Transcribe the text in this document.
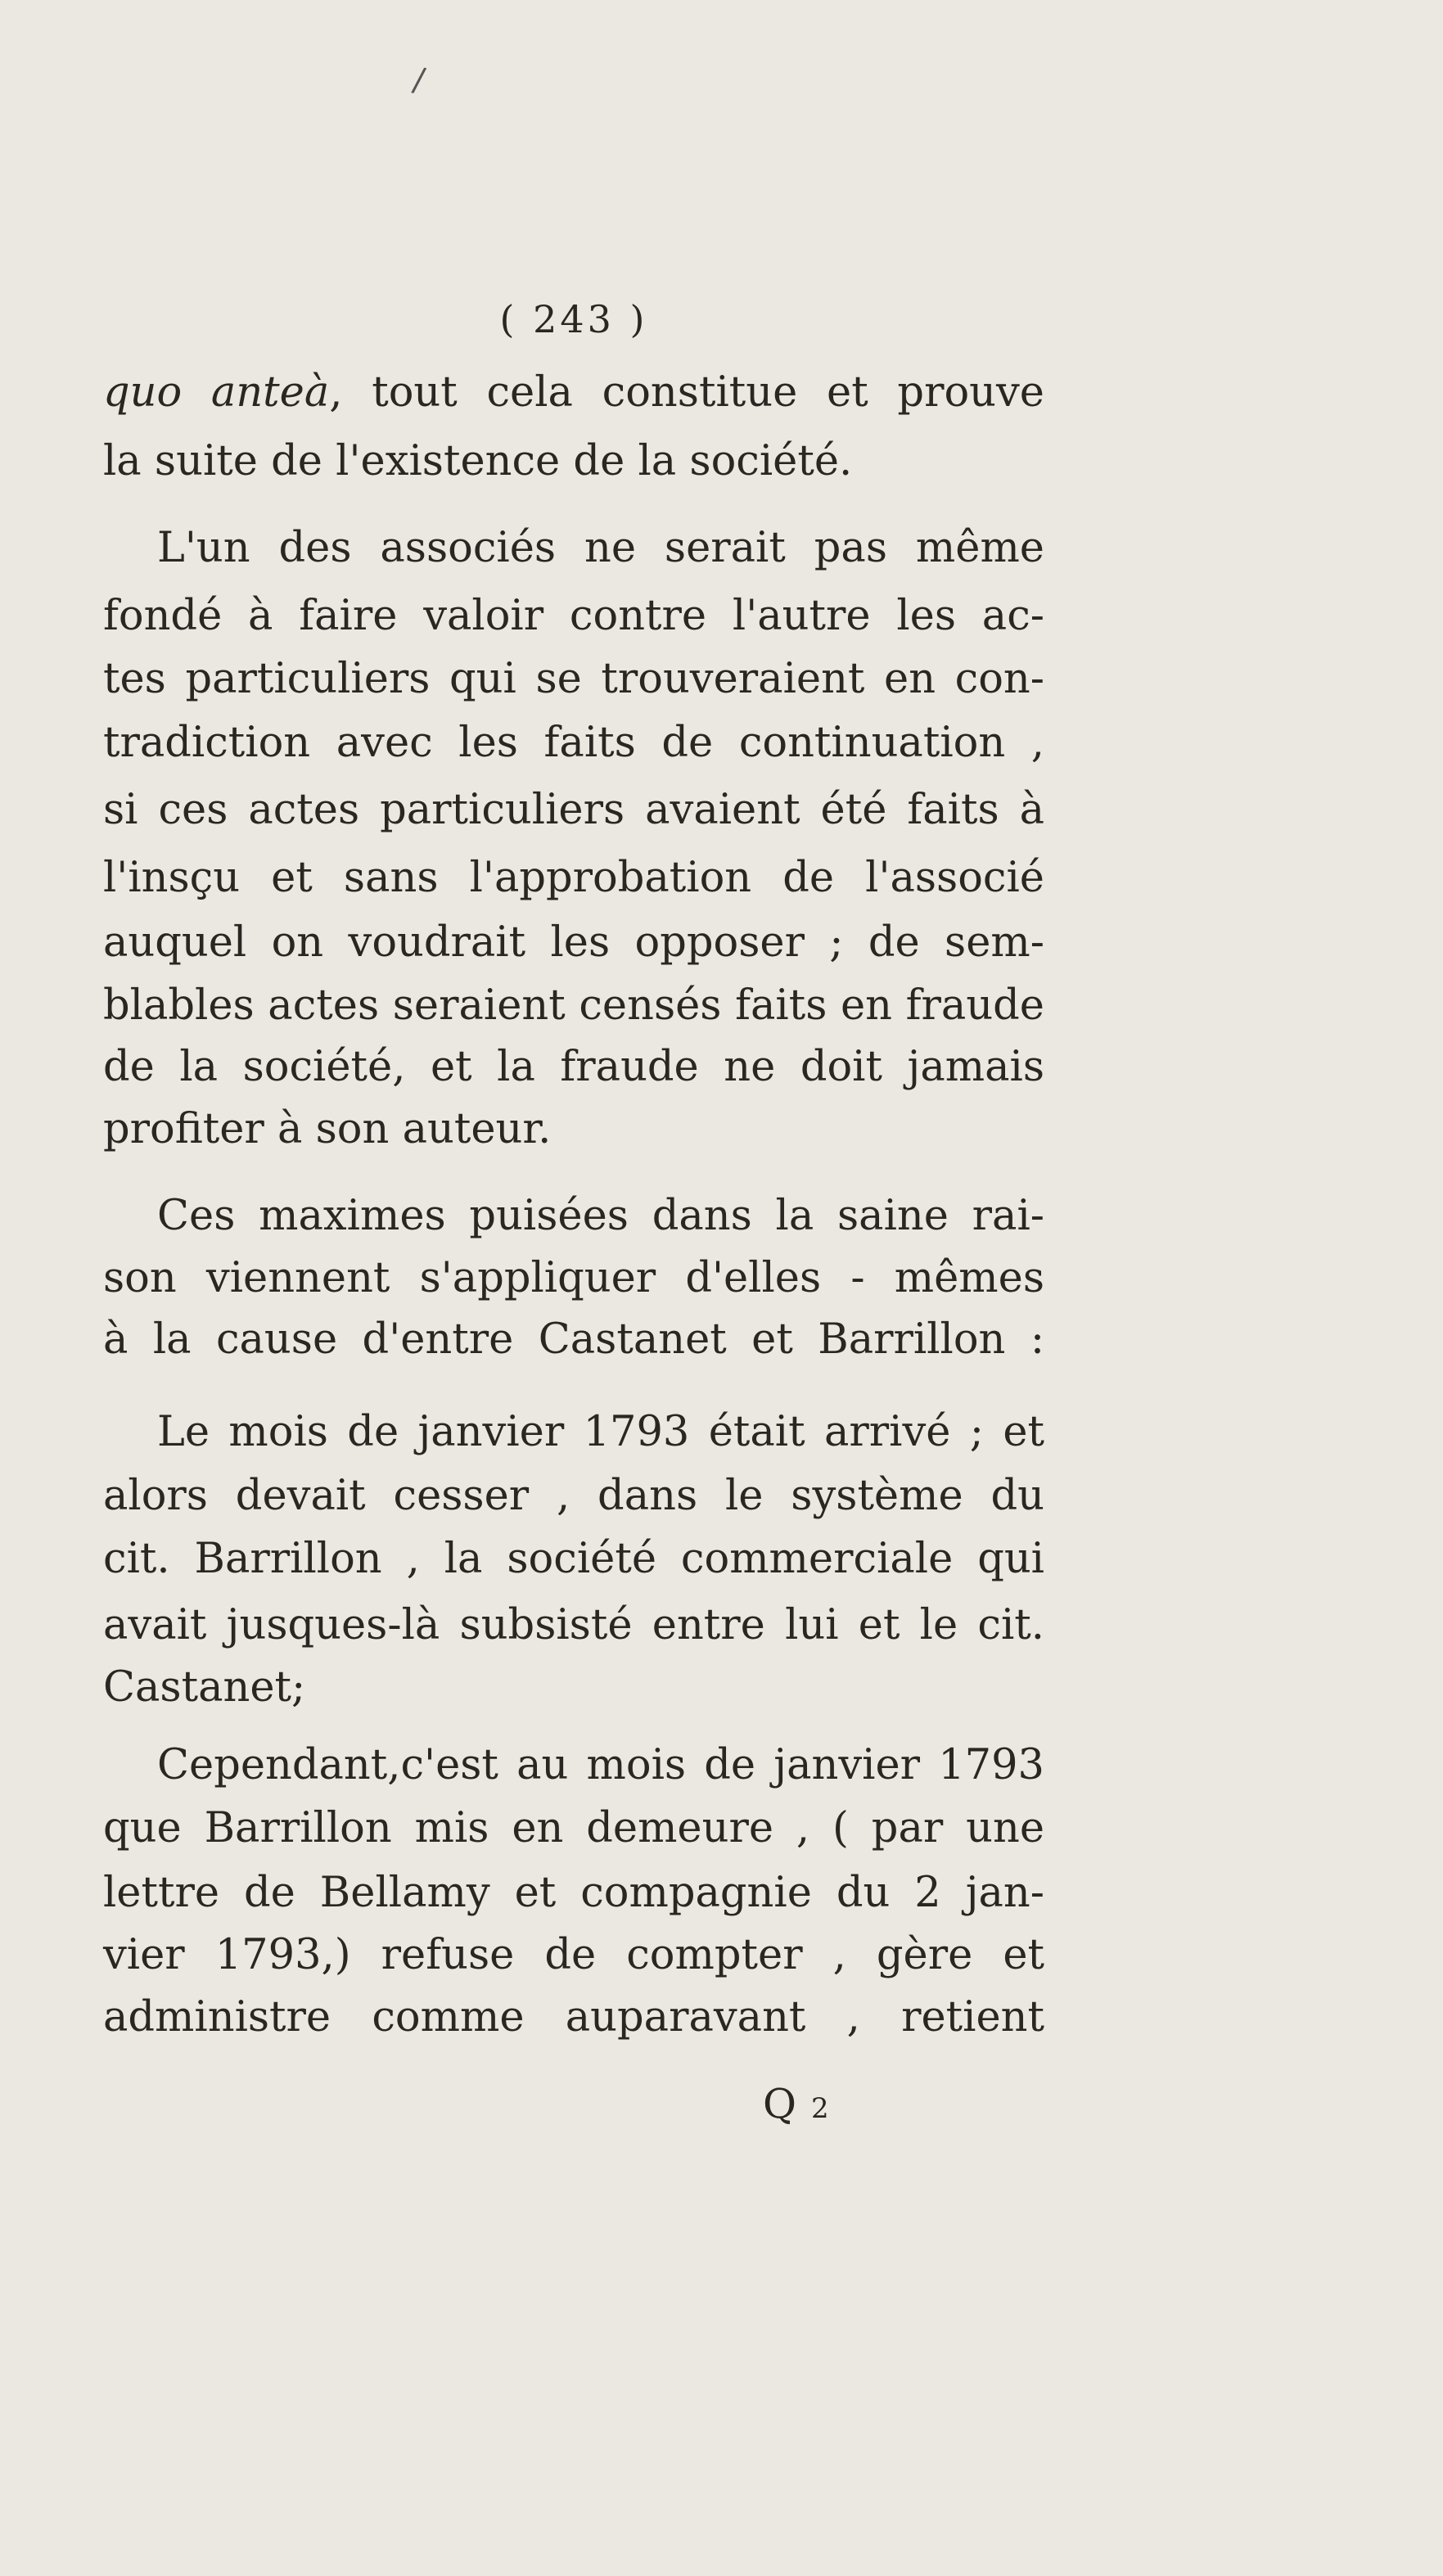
/
( 243 )
quo anteà, tout cela constitue et prouve
la suite de l'existence de la société.
L'un des associés ne serait pas même
fondé à faire valoir contre l'autre les ac-
tes particuliers qui se trouveraient en con-
tradiction avec les faits de continuation ,
si ces actes particuliers avaient été faits à
l'insçu et sans l'approbation de l'associé
auquel on voudrait les opposer ; de sem-
blables actes seraient censés faits en fraude
de la société, et la fraude ne doit jamais
profiter à son auteur.
Ces maximes puisées dans la saine rai-
son viennent s'appliquer d'elles - mêmes
à la cause d'entre Castanet et Barrillon :
Le mois de janvier 1793 était arrivé ; et
alors devait cesser , dans le système du
cit. Barrillon , la société commerciale qui
avait jusques-là subsisté entre lui et le cit.
Castanet;
Cependant,c'est au mois de janvier 1793
que Barrillon mis en demeure , ( par une
lettre de Bellamy et compagnie du 2 jan-
vier 1793,) refuse de compter , gère et
administre comme auparavant , retient
Q 2
